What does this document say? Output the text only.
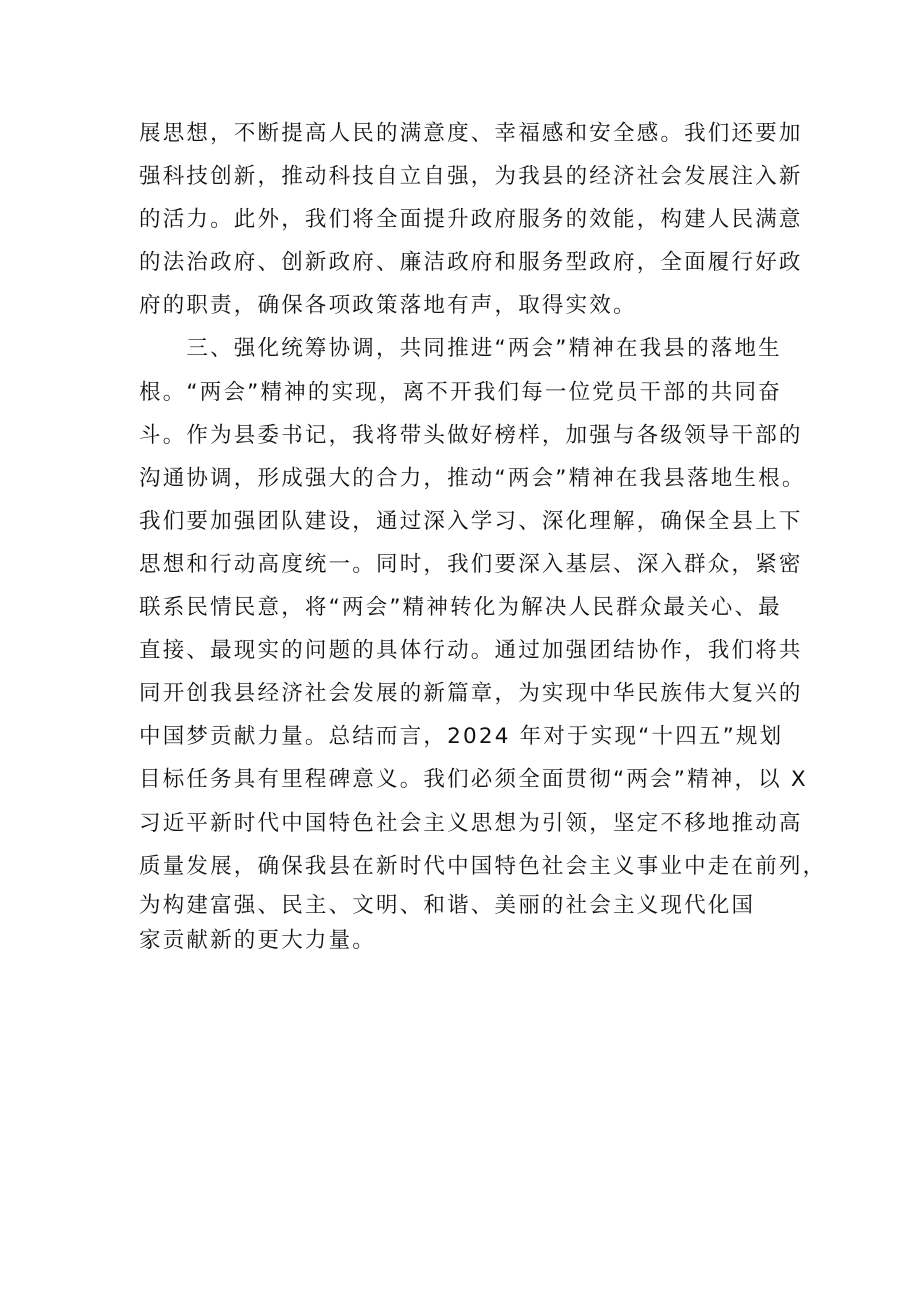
展思想，不断提高人民的满意度、幸福感和安全感。我们还要加
强科技创新，推动科技自立自强，为我县的经济社会发展注入新
的活力。此外，我们将全面提升政府服务的效能，构建人民满意
的法治政府、创新政府、廉洁政府和服务型政府，全面履行好政
府的职责，确保各项政策落地有声，取得实效。
　　三、强化统筹协调，共同推进“两会”精神在我县的落地生
根。“两会”精神的实现，离不开我们每一位党员干部的共同奋
斗。作为县委书记，我将带头做好榜样，加强与各级领导干部的
沟通协调，形成强大的合力，推动“两会”精神在我县落地生根。
我们要加强团队建设，通过深入学习、深化理解，确保全县上下
思想和行动高度统一。同时，我们要深入基层、深入群众，紧密
联系民情民意，将“两会”精神转化为解决人民群众最关心、最
直接、最现实的问题的具体行动。通过加强团结协作，我们将共
同开创我县经济社会发展的新篇章，为实现中华民族伟大复兴的
中国梦贡献力量。总结而言，2024 年对于实现“十四五”规划
目标任务具有里程碑意义。我们必须全面贯彻“两会”精神，以 X
习近平新时代中国特色社会主义思想为引领，坚定不移地推动高
质量发展，确保我县在新时代中国特色社会主义事业中走在前列，
为构建富强、民主、文明、和谐、美丽的社会主义现代化国
家贡献新的更大力量。
